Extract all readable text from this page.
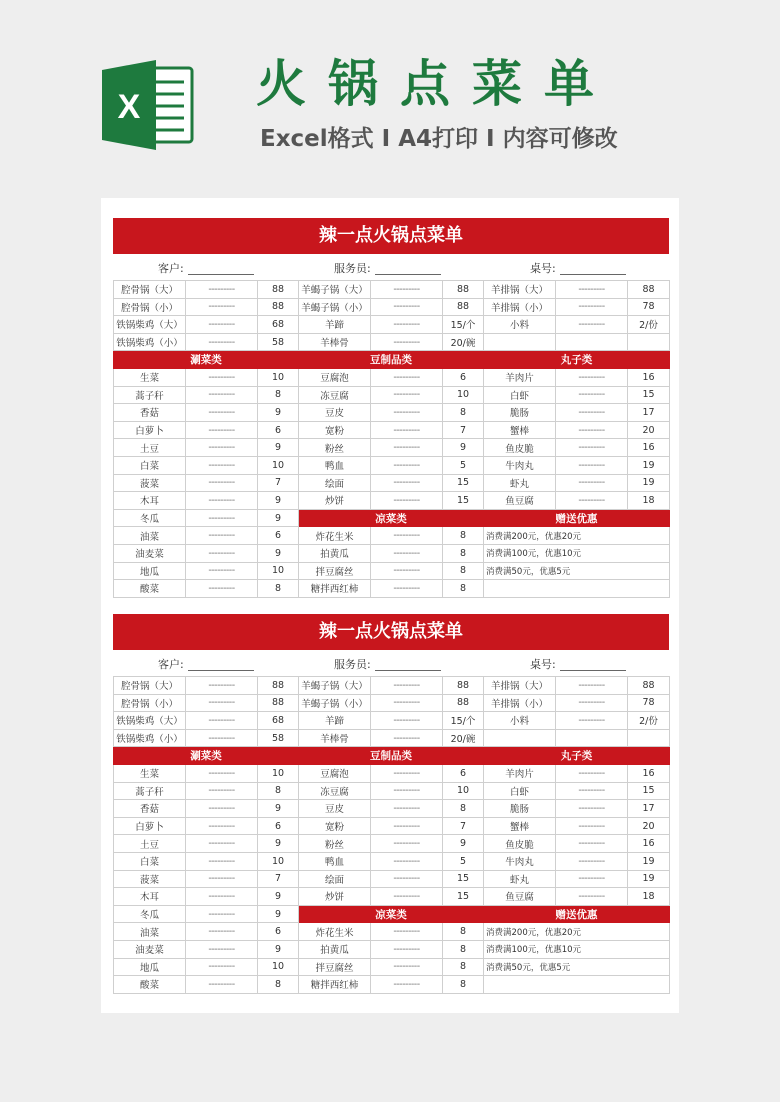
X 火锅点菜单
Excel格式 I A4打印 I 内容可修改
辣一点火锅点菜单
客户:	服务员:	桌号:
腔骨锅（大）	---------	88	羊蝎子锅（大）	---------	88	羊排锅（大）	---------	88
腔骨锅（小）	---------	88	羊蝎子锅（小）	---------	88	羊排锅（小）	---------	78
铁锅柴鸡（大）	---------	68	羊蹄	---------	15/个	小料	---------	2/份
铁锅柴鸡（小）	---------	58	羊棒骨	---------	20/碗			
涮菜类			豆制品类			丸子类		
生菜	---------	10	豆腐泡	---------	6	羊肉片	---------	16
蒿子秆	---------	8	冻豆腐	---------	10	白虾	---------	15
香菇	---------	9	豆皮	---------	8	脆肠	---------	17
白萝卜	---------	6	宽粉	---------	7	蟹棒	---------	20
土豆	---------	9	粉丝	---------	9	鱼皮脆	---------	16
白菜	---------	10	鸭血	---------	5	牛肉丸	---------	19
菠菜	---------	7	绘面	---------	15	虾丸	---------	19
木耳	---------	9	炒饼	---------	15	鱼豆腐	---------	18
冬瓜	---------	9	凉菜类			赠送优惠		
油菜	---------	6	炸花生米	---------	8	消费满200元，优惠20元		
油麦菜	---------	9	拍黄瓜	---------	8	消费满100元，优惠10元		
地瓜	---------	10	拌豆腐丝	---------	8	消费满50元，优惠5元		
酸菜	---------	8	糖拌西红柿	---------	8			
辣一点火锅点菜单
客户:	服务员:	桌号:
腔骨锅（大）	---------	88	羊蝎子锅（大）	---------	88	羊排锅（大）	---------	88
腔骨锅（小）	---------	88	羊蝎子锅（小）	---------	88	羊排锅（小）	---------	78
铁锅柴鸡（大）	---------	68	羊蹄	---------	15/个	小料	---------	2/份
铁锅柴鸡（小）	---------	58	羊棒骨	---------	20/碗			
涮菜类			豆制品类			丸子类		
生菜	---------	10	豆腐泡	---------	6	羊肉片	---------	16
蒿子秆	---------	8	冻豆腐	---------	10	白虾	---------	15
香菇	---------	9	豆皮	---------	8	脆肠	---------	17
白萝卜	---------	6	宽粉	---------	7	蟹棒	---------	20
土豆	---------	9	粉丝	---------	9	鱼皮脆	---------	16
白菜	---------	10	鸭血	---------	5	牛肉丸	---------	19
菠菜	---------	7	绘面	---------	15	虾丸	---------	19
木耳	---------	9	炒饼	---------	15	鱼豆腐	---------	18
冬瓜	---------	9	凉菜类			赠送优惠		
油菜	---------	6	炸花生米	---------	8	消费满200元，优惠20元		
油麦菜	---------	9	拍黄瓜	---------	8	消费满100元，优惠10元		
地瓜	---------	10	拌豆腐丝	---------	8	消费满50元，优惠5元		
酸菜	---------	8	糖拌西红柿	---------	8			
